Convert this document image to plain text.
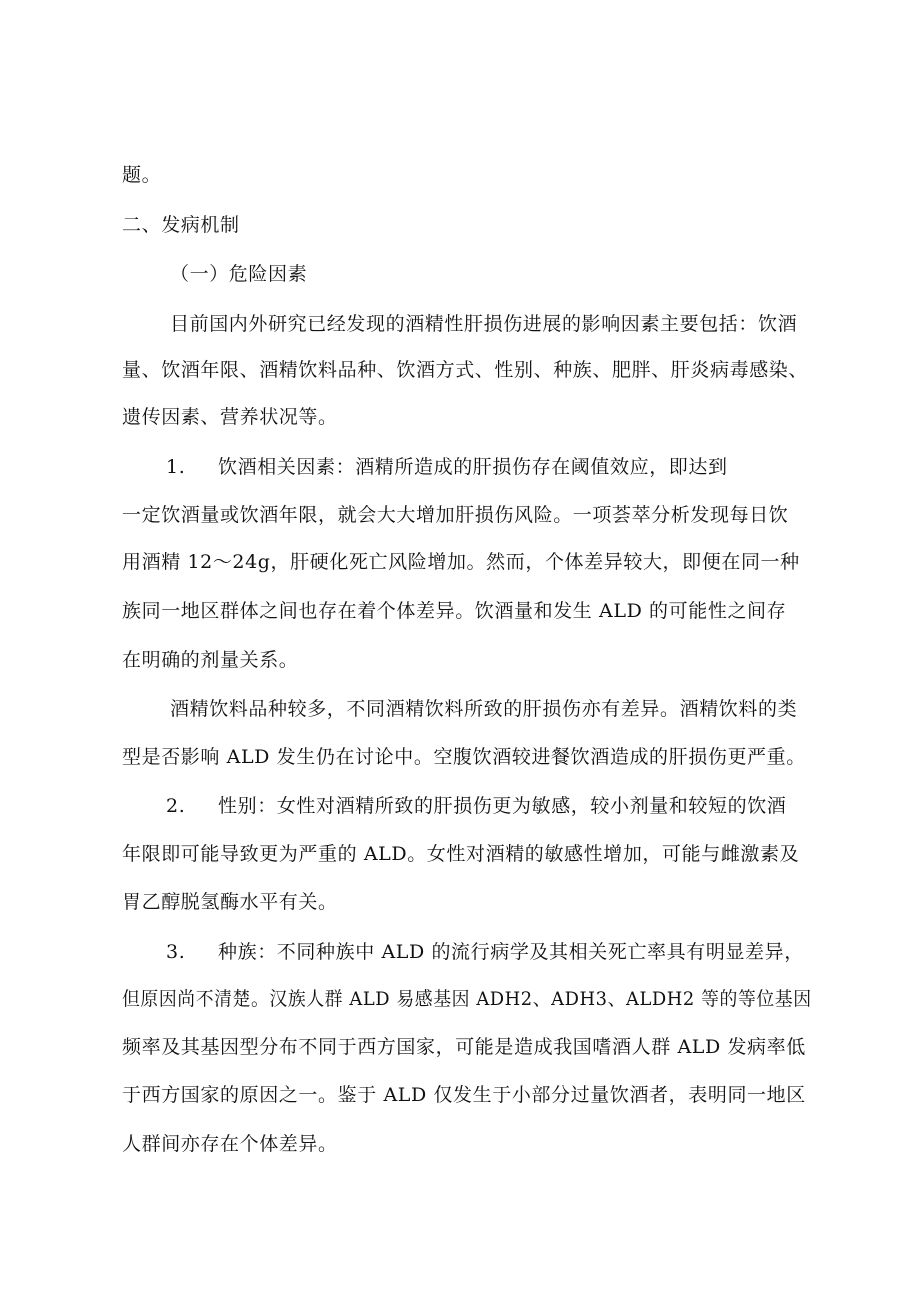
题。
二、发病机制
（一）危险因素
目前国内外研究已经发现的酒精性肝损伤进展的影响因素主要包括：饮酒
量、饮酒年限、酒精饮料品种、饮酒方式、性别、种族、肥胖、肝炎病毒感染、
遗传因素、营养状况等。
1. 饮酒相关因素：酒精所造成的肝损伤存在阈值效应，即达到
一定饮酒量或饮酒年限，就会大大增加肝损伤风险。一项荟萃分析发现每日饮
用酒精 12～24g，肝硬化死亡风险增加。然而，个体差异较大，即便在同一种
族同一地区群体之间也存在着个体差异。饮酒量和发生 ALD 的可能性之间存
在明确的剂量关系。
酒精饮料品种较多，不同酒精饮料所致的肝损伤亦有差异。酒精饮料的类
型是否影响 ALD 发生仍在讨论中。空腹饮酒较进餐饮酒造成的肝损伤更严重。
2. 性别：女性对酒精所致的肝损伤更为敏感，较小剂量和较短的饮酒
年限即可能导致更为严重的 ALD。女性对酒精的敏感性增加，可能与雌激素及
胃乙醇脱氢酶水平有关。
3. 种族：不同种族中 ALD 的流行病学及其相关死亡率具有明显差异，
但原因尚不清楚。汉族人群 ALD 易感基因 ADH2、ADH3、ALDH2 等的等位基因
频率及其基因型分布不同于西方国家，可能是造成我国嗜酒人群 ALD 发病率低
于西方国家的原因之一。鉴于 ALD 仅发生于小部分过量饮酒者，表明同一地区
人群间亦存在个体差异。
